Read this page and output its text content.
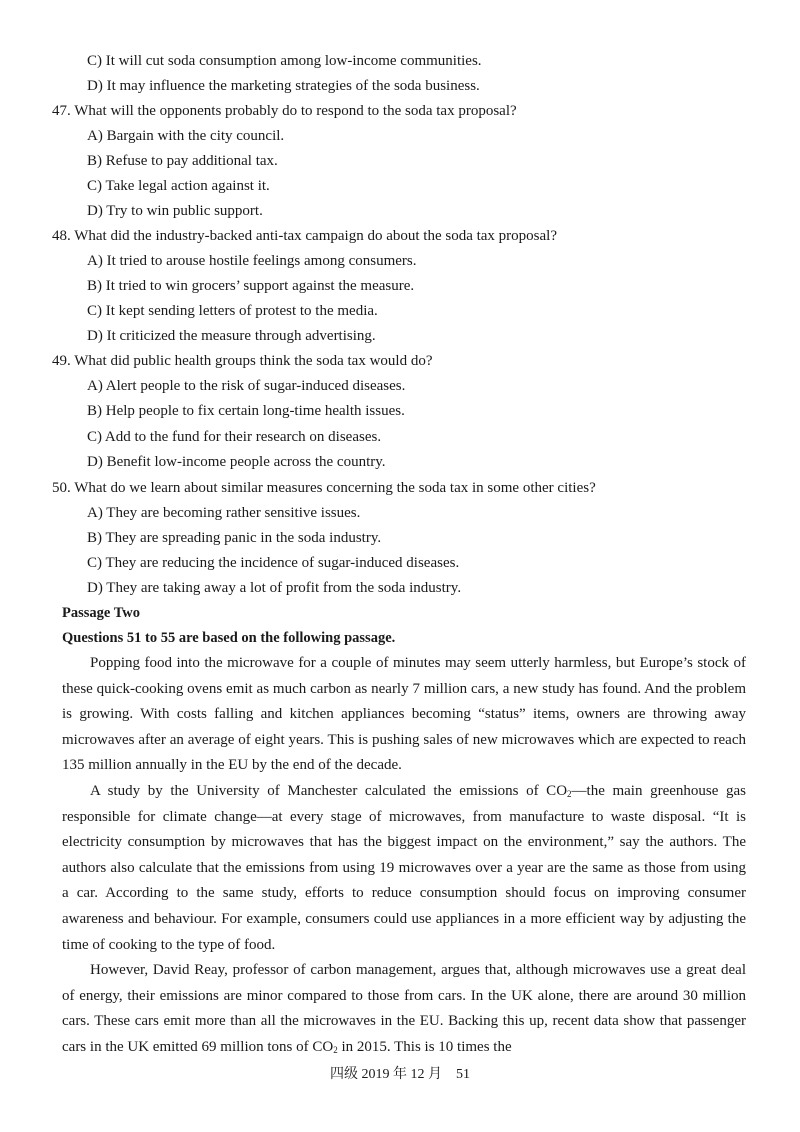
C) It will cut soda consumption among low-income communities.
D) It may influence the marketing strategies of the soda business.
47. What will the opponents probably do to respond to the soda tax proposal?
A) Bargain with the city council.
B) Refuse to pay additional tax.
C) Take legal action against it.
D) Try to win public support.
48. What did the industry-backed anti-tax campaign do about the soda tax proposal?
A) It tried to arouse hostile feelings among consumers.
B) It tried to win grocers’ support against the measure.
C) It kept sending letters of protest to the media.
D) It criticized the measure through advertising.
49. What did public health groups think the soda tax would do?
A) Alert people to the risk of sugar-induced diseases.
B) Help people to fix certain long-time health issues.
C) Add to the fund for their research on diseases.
D) Benefit low-income people across the country.
50. What do we learn about similar measures concerning the soda tax in some other cities?
A) They are becoming rather sensitive issues.
B) They are spreading panic in the soda industry.
C) They are reducing the incidence of sugar-induced diseases.
D) They are taking away a lot of profit from the soda industry.
Passage Two
Questions 51 to 55 are based on the following passage.

Popping food into the microwave for a couple of minutes may seem utterly harmless, but Europe’s stock of these quick-cooking ovens emit as much carbon as nearly 7 million cars, a new study has found. And the problem is growing. With costs falling and kitchen appliances becoming “status” items, owners are throwing away microwaves after an average of eight years. This is pushing sales of new microwaves which are expected to reach 135 million annually in the EU by the end of the decade.

A study by the University of Manchester calculated the emissions of $CO_2—the$ main greenhouse gas responsible for climate change—at every stage of microwaves, from manufacture to waste disposal. “It is electricity consumption by microwaves that has the biggest impact on the environment,” say the authors. The authors also calculate that the emissions from using 19 microwaves over a year are the same as those from using a car. According to the same study, efforts to reduce consumption should focus on improving consumer awareness and behaviour. For example, consumers could use appliances in a more efficient way by adjusting the time of cooking to the type of food.

However, David Reay, professor of carbon management, argues that, although microwaves use a great deal of energy, their emissions are minor compared to those from cars. In the UK alone, there are around 30 million cars. These cars emit more than all the microwaves in the EU. Backing this up, recent data show that passenger cars in the UK emitted 69 million tons of $CO_2$ in 2015. This is 10 times the

四级 2019 年 12 月　51
